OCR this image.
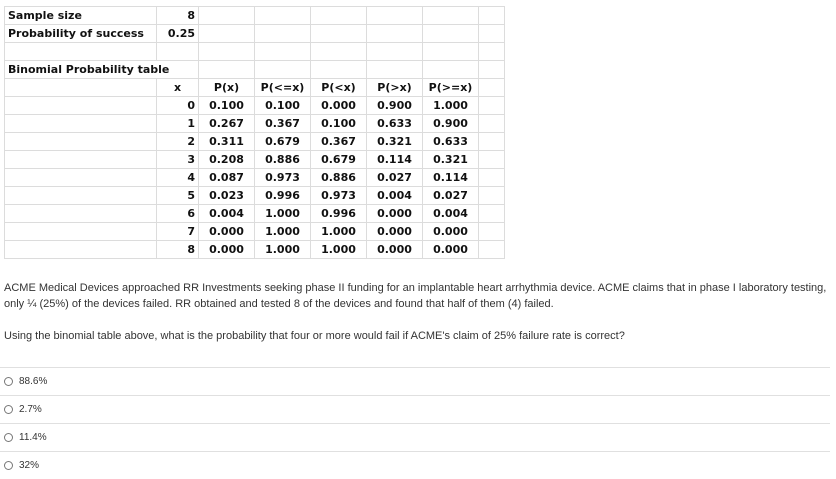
Sample size	8						
Probability of success	0.25						

Binomial Probability table							
	x	P(x)	P(<=x)	P(<x)	P(>x)	P(>=x)	
	0	0.100	0.100	0.000	0.900	1.000	
	1	0.267	0.367	0.100	0.633	0.900	
	2	0.311	0.679	0.367	0.321	0.633	
	3	0.208	0.886	0.679	0.114	0.321	
	4	0.087	0.973	0.886	0.027	0.114	
	5	0.023	0.996	0.973	0.004	0.027	
	6	0.004	1.000	0.996	0.000	0.004	
	7	0.000	1.000	1.000	0.000	0.000	
	8	0.000	1.000	1.000	0.000	0.000	

ACME Medical Devices approached RR Investments seeking phase II funding for an implantable heart arrhythmia device. ACME claims that in phase I laboratory testing, only ¼ (25%) of the devices failed. RR obtained and tested 8 of the devices and found that half of them (4) failed.

Using the binomial table above, what is the probability that four or more would fail if ACME's claim of 25% failure rate is correct?

88.6%
2.7%
11.4%
32%
